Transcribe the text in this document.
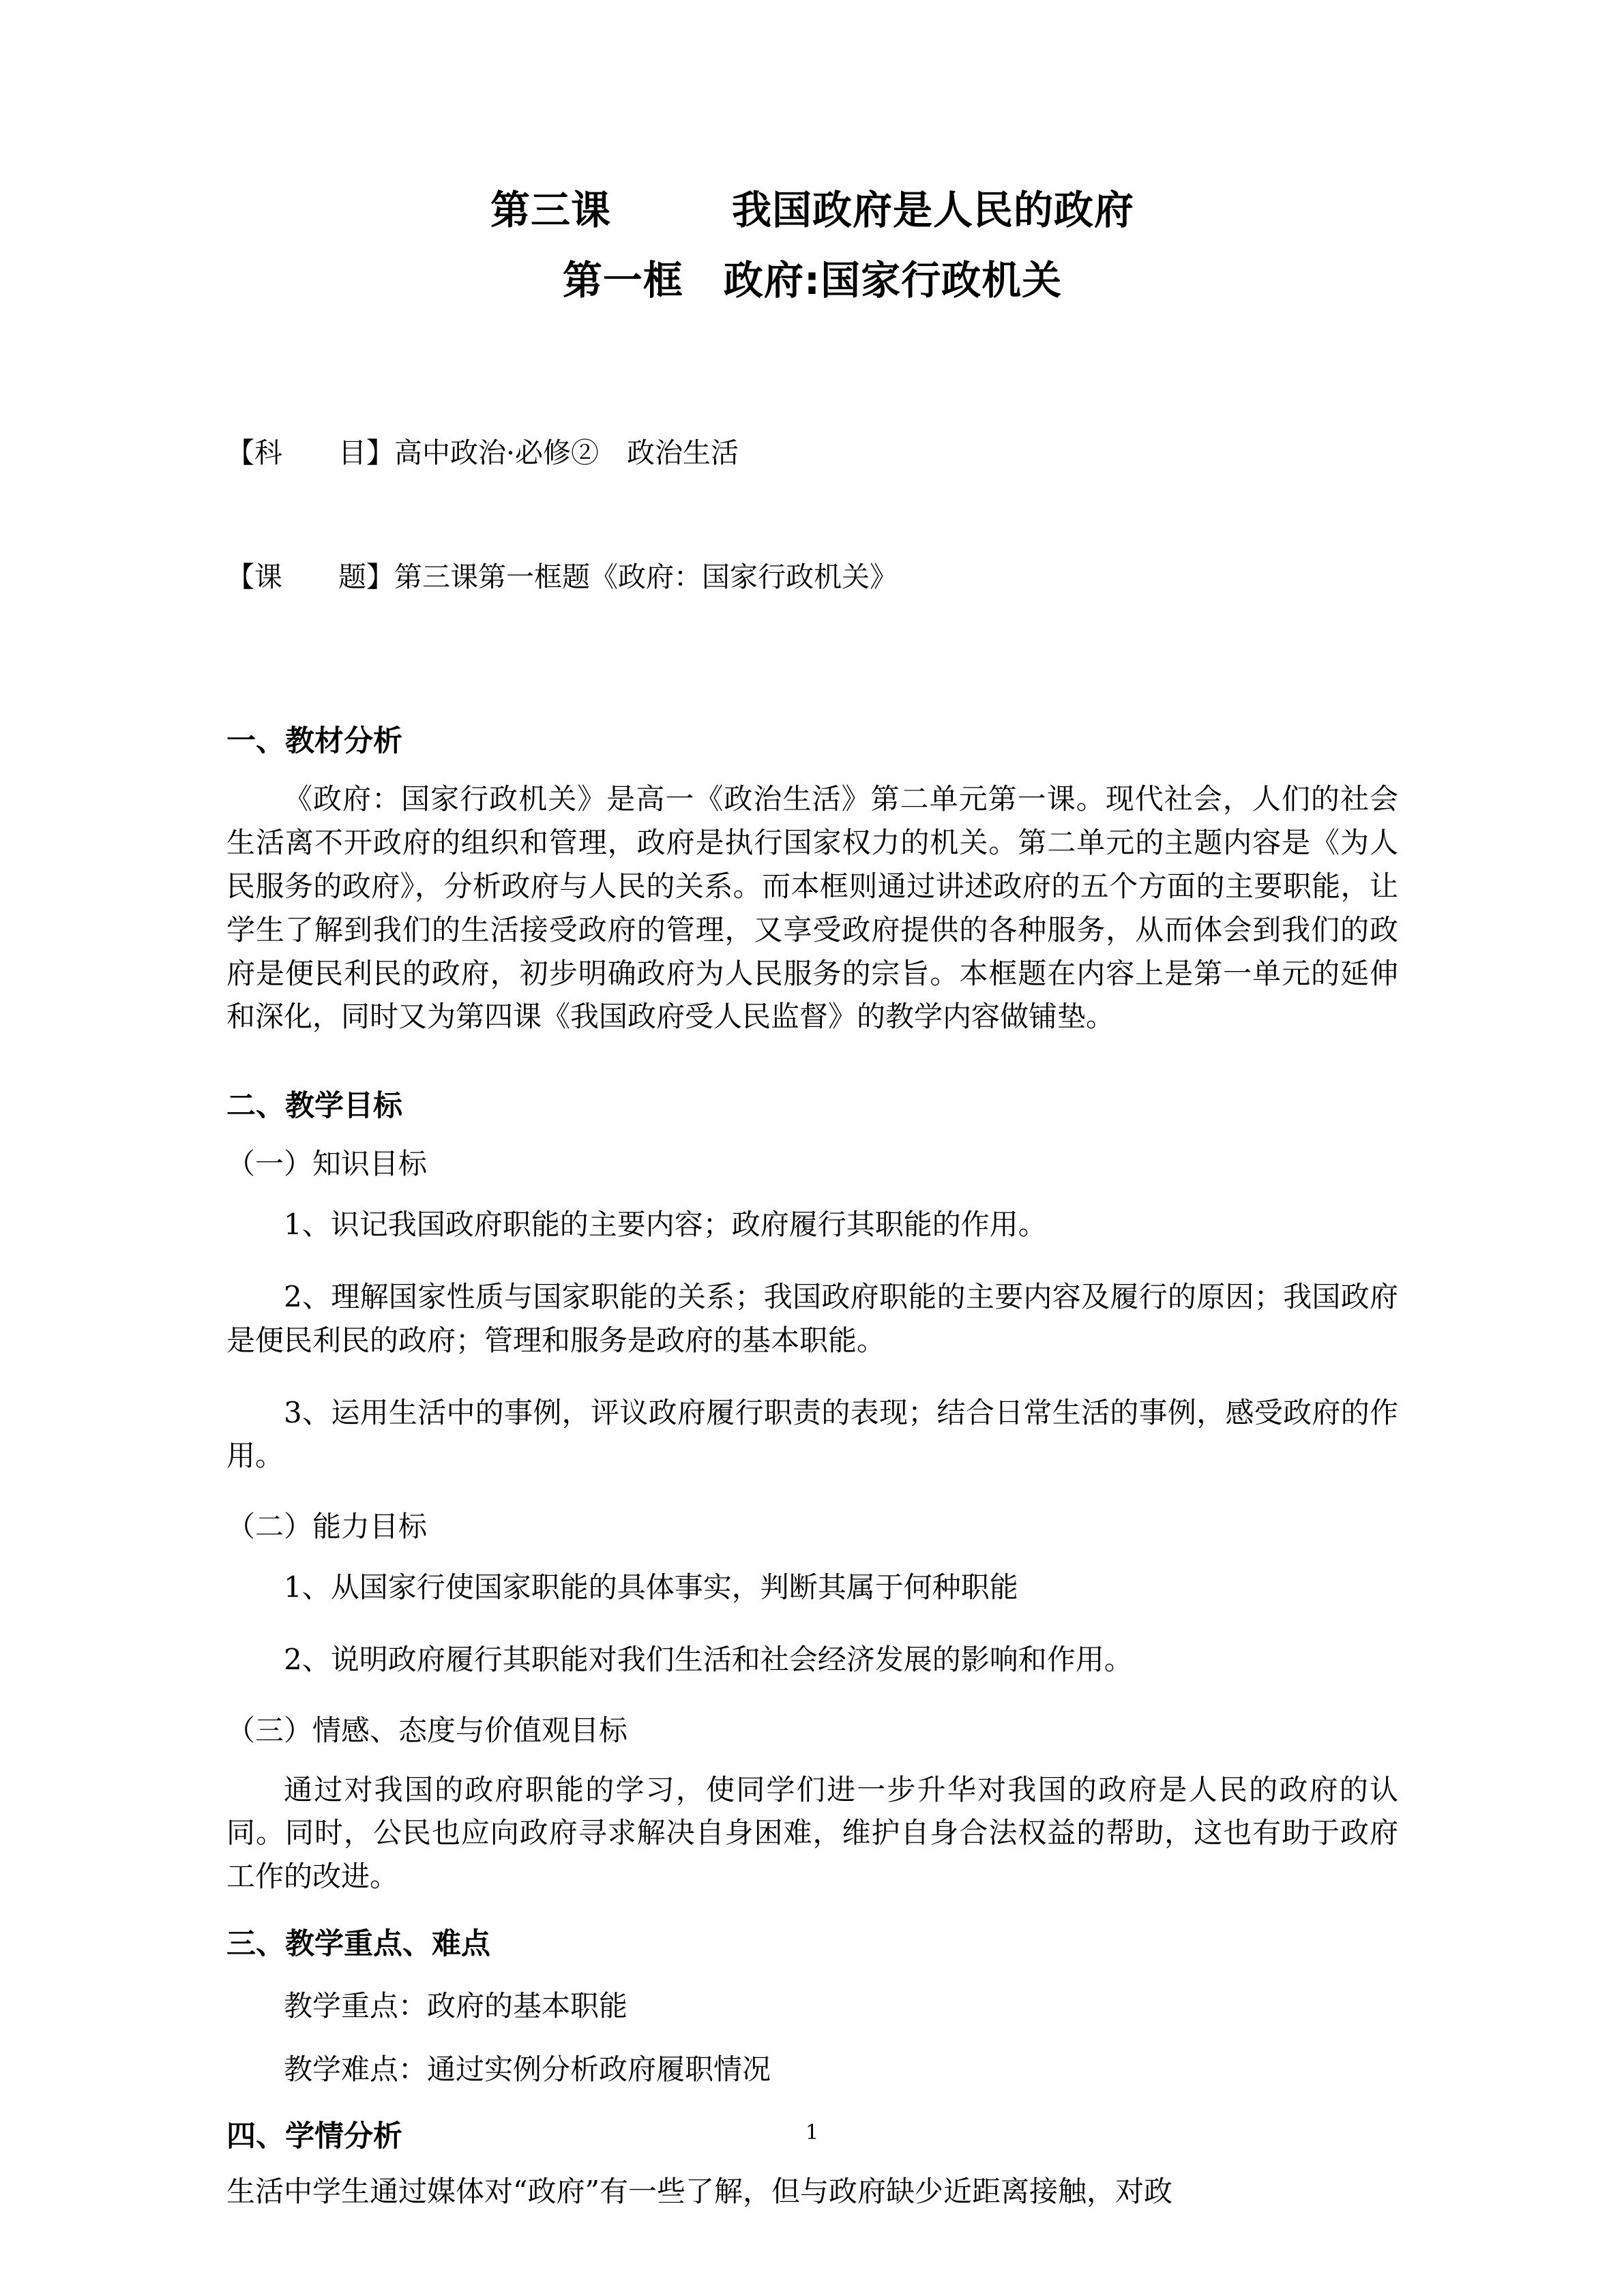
第三课　　　我国政府是人民的政府
第一框　政府:国家行政机关

【科　　目】高中政治·必修②　政治生活

【课　　题】第三课第一框题《政府：国家行政机关》

一、教材分析

《政府：国家行政机关》是高一《政治生活》第二单元第一课。现代社会，人们的社会生活离不开政府的组织和管理，政府是执行国家权力的机关。第二单元的主题内容是《为人民服务的政府》，分析政府与人民的关系。而本框则通过讲述政府的五个方面的主要职能，让学生了解到我们的生活接受政府的管理，又享受政府提供的各种服务，从而体会到我们的政府是便民利民的政府，初步明确政府为人民服务的宗旨。本框题在内容上是第一单元的延伸和深化，同时又为第四课《我国政府受人民监督》的教学内容做铺垫。

二、教学目标
（一）知识目标

1、识记我国政府职能的主要内容；政府履行其职能的作用。

2、理解国家性质与国家职能的关系；我国政府职能的主要内容及履行的原因；我国政府是便民利民的政府；管理和服务是政府的基本职能。

3、运用生活中的事例，评议政府履行职责的表现；结合日常生活的事例，感受政府的作用。

（二）能力目标

1、从国家行使国家职能的具体事实，判断其属于何种职能

2、说明政府履行其职能对我们生活和社会经济发展的影响和作用。

（三）情感、态度与价值观目标

通过对我国的政府职能的学习，使同学们进一步升华对我国的政府是人民的政府的认同。同时，公民也应向政府寻求解决自身困难，维护自身合法权益的帮助，这也有助于政府工作的改进。

三、教学重点、难点
教学重点：政府的基本职能
教学难点：通过实例分析政府履职情况
四、学情分析

生活中学生通过媒体对“政府”有一些了解，但与政府缺少近距离接触，对政

1
